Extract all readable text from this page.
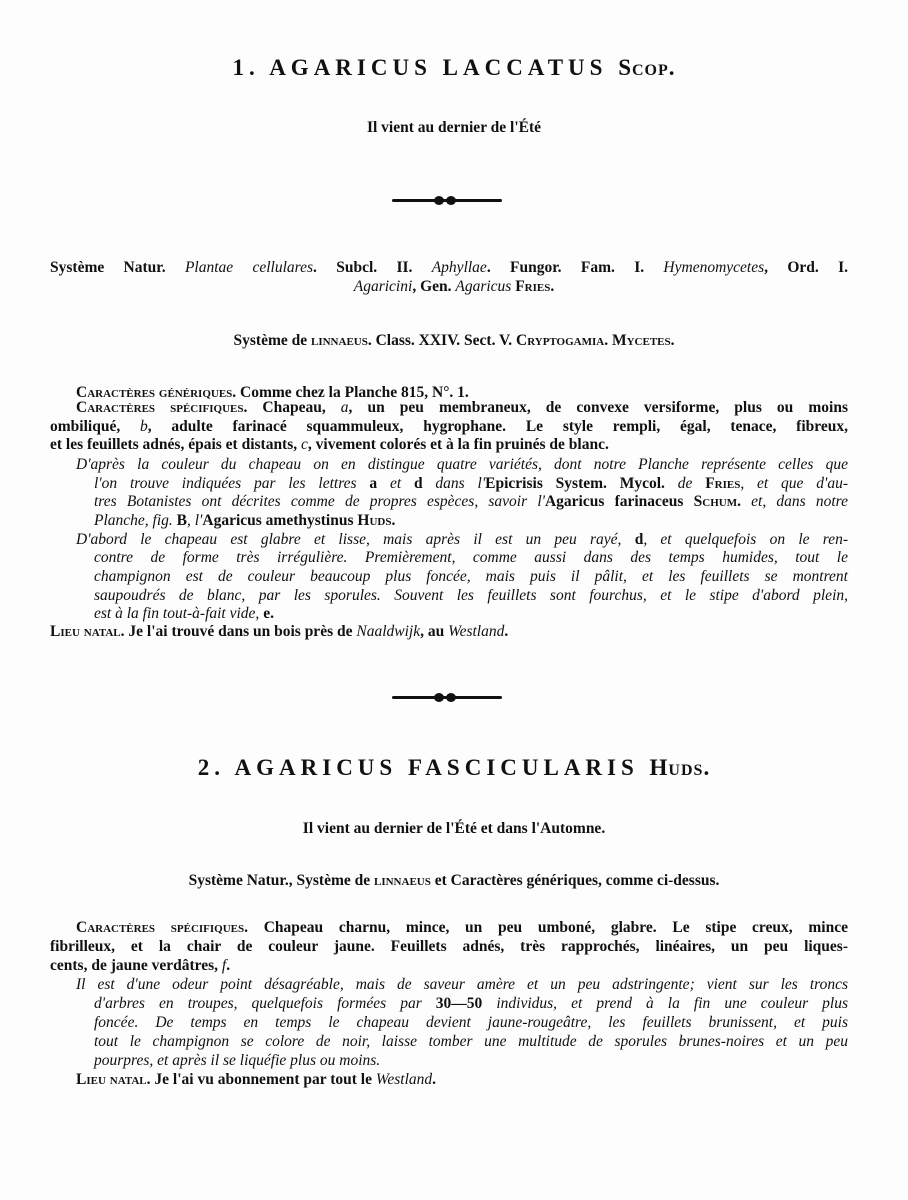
1. AGARICUS LACCATUS Scop.
Il vient au dernier de l'Été
Système Natur. Plantae cellulares. Subcl. II. Aphyllae. Fungor. Fam. I. Hymenomycetes, Ord. I.
Agaricini, Gen. Agaricus Fries.
Système de linnaeus. Class. XXIV. Sect. V. Cryptogamia. Mycetes.
Caractères génériques. Comme chez la Planche 815, N°. 1.
Caractères spécifiques. Chapeau, a, un peu membraneux, de convexe versiforme, plus ou moins
ombiliqué, b, adulte farinacé squammuleux, hygrophane. Le style rempli, égal, tenace, fibreux,
et les feuillets adnés, épais et distants, c, vivement colorés et à la fin pruinés de blanc.
D'après la couleur du chapeau on en distingue quatre variétés, dont notre Planche représente celles que
l'on trouve indiquées par les lettres a et d dans l'Epicrisis System. Mycol. de Fries, et que d'au-
tres Botanistes ont décrites comme de propres espèces, savoir l'Agaricus farinaceus Schum. et, dans notre
Planche, fig. B, l'Agaricus amethystinus Huds.
D'abord le chapeau est glabre et lisse, mais après il est un peu rayé, d, et quelquefois on le ren-
contre de forme très irrégulière. Premièrement, comme aussi dans des temps humides, tout le
champignon est de couleur beaucoup plus foncée, mais puis il pâlit, et les feuillets se montrent
saupoudrés de blanc, par les sporules. Souvent les feuillets sont fourchus, et le stipe d'abord plein,
est à la fin tout-à-fait vide, e.
Lieu natal. Je l'ai trouvé dans un bois près de Naaldwijk, au Westland.
2. AGARICUS FASCICULARIS Huds.
Il vient au dernier de l'Été et dans l'Automne.
Système Natur., Système de linnaeus et Caractères génériques, comme ci-dessus.
Caractères spécifiques. Chapeau charnu, mince, un peu umboné, glabre. Le stipe creux, mince
fibrilleux, et la chair de couleur jaune. Feuillets adnés, très rapprochés, linéaires, un peu liques-
cents, de jaune verdâtres, f.
Il est d'une odeur point désagréable, mais de saveur amère et un peu adstringente; vient sur les troncs
d'arbres en troupes, quelquefois formées par 30—50 individus, et prend à la fin une couleur plus
foncée. De temps en temps le chapeau devient jaune-rougeâtre, les feuillets brunissent, et puis
tout le champignon se colore de noir, laisse tomber une multitude de sporules brunes-noires et un peu
pourpres, et après il se liquéfie plus ou moins.
Lieu natal. Je l'ai vu abonnement par tout le Westland.
